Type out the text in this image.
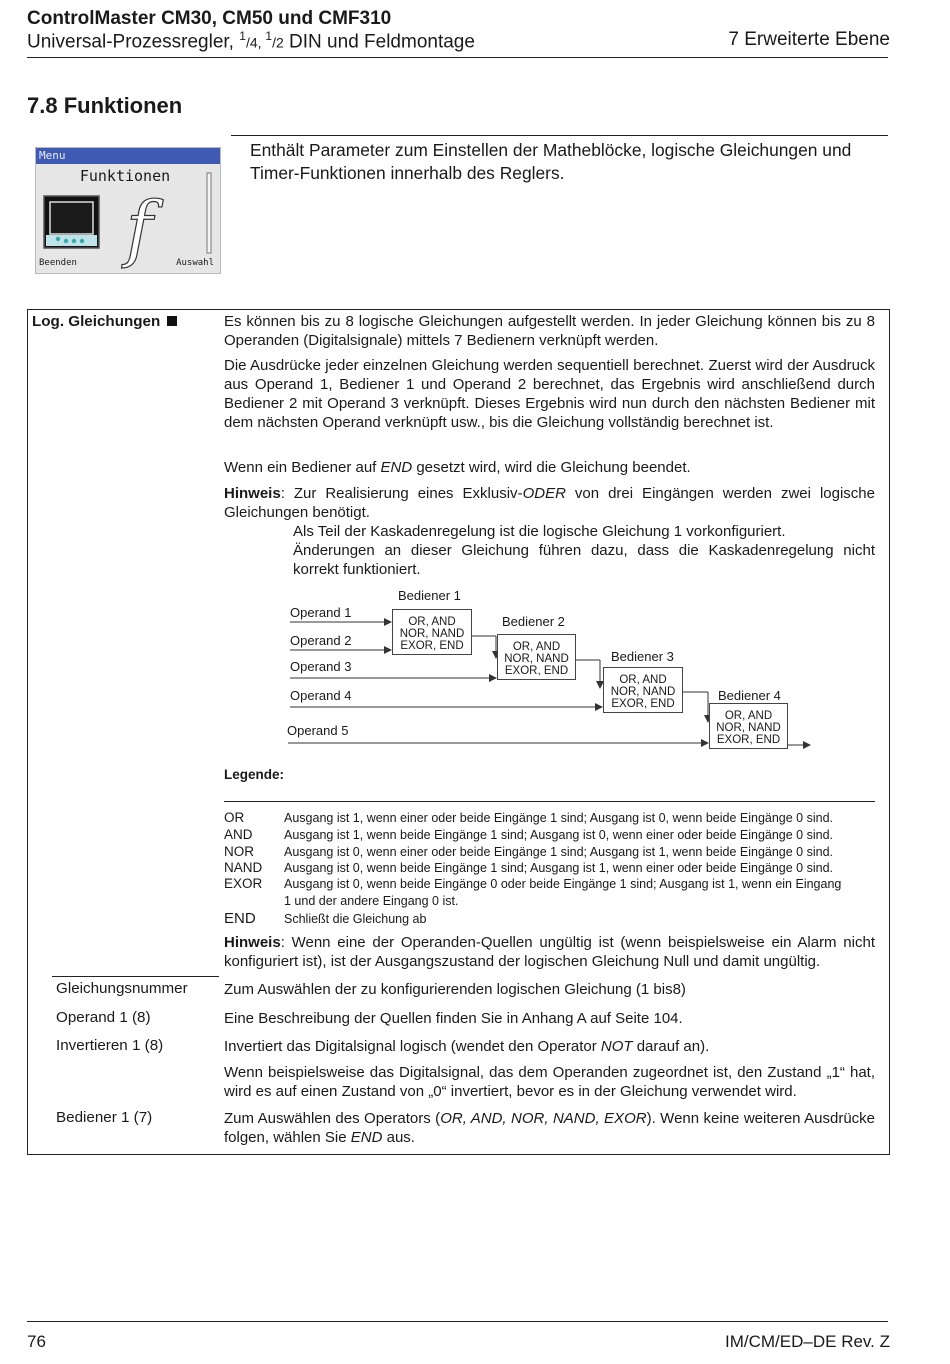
ControlMaster CM30, CM50 und CMF310
Universal-Prozessregler, $^1$/4, $^1$/2 DIN und Feldmontage	7 Erweiterte Ebene
7.8 Funktionen
Menu
Funktionen
f
Beenden	Auswahl
Enthält Parameter zum Einstellen der Matheblöcke, logische Gleichungen und Timer-Funktionen innerhalb des Reglers.
Log. Gleichungen	Es können bis zu 8 logische Gleichungen aufgestellt werden. In jeder Gleichung können bis zu 8 Operanden (Digitalsignale) mittels 7 Bedienern verknüpft werden.
Die Ausdrücke jeder einzelnen Gleichung werden sequentiell berechnet. Zuerst wird der Ausdruck aus Operand 1, Bediener 1 und Operand 2 berechnet, das Ergebnis wird anschließend durch Bediener 2 mit Operand 3 verknüpft. Dieses Ergebnis wird nun durch den nächsten Bediener mit dem nächsten Operand verknüpft usw., bis die Gleichung vollständig berechnet ist.
Wenn ein Bediener auf END gesetzt wird, wird die Gleichung beendet.
Hinweis: Zur Realisierung eines Exklusiv-ODER von drei Eingängen werden zwei logische Gleichungen benötigt.
Als Teil der Kaskadenregelung ist die logische Gleichung 1 vorkonfiguriert.
Änderungen an dieser Gleichung führen dazu, dass die Kaskadenregelung nicht korrekt funktioniert.
Operand 1
Operand 2
Operand 3
Operand 4
Operand 5
Bediener 1
Bediener 2
Bediener 3
Bediener 4
OR, AND
NOR, NAND
EXOR, END	OR, AND
NOR, NAND
EXOR, END
OR, AND
NOR, NAND
EXOR, END
OR, AND
NOR, NAND
EXOR, END
Legende:
OR	Ausgang ist 1, wenn einer oder beide Eingänge 1 sind; Ausgang ist 0, wenn beide Eingänge 0 sind.
AND	Ausgang ist 1, wenn beide Eingänge 1 sind; Ausgang ist 0, wenn einer oder beide Eingänge 0 sind.
NOR Ausgang ist 0, wenn einer oder beide Eingänge 1 sind; Ausgang ist 1, wenn beide Eingänge 0 sind.
NAND Ausgang ist 0, wenn beide Eingänge 1 sind; Ausgang ist 1, wenn einer oder beide Eingänge 0 sind.
EXOR Ausgang ist 0, wenn beide Eingänge 0 oder beide Eingänge 1 sind; Ausgang ist 1, wenn ein Eingang 1 und der andere Eingang 0 ist.
END Schließt die Gleichung ab
Hinweis: Wenn eine der Operanden-Quellen ungültig ist (wenn beispielsweise ein Alarm nicht konfiguriert ist), ist der Ausgangszustand der logischen Gleichung Null und damit ungültig.
Gleichungsnummer Zum Auswählen der zu konfigurierenden logischen Gleichung (1 bis8)
Operand 1 (8)	Eine Beschreibung der Quellen finden Sie in Anhang A auf Seite 104.
Invertieren 1 (8)	Invertiert das Digitalsignal logisch (wendet den Operator NOT darauf an).
Wenn beispielsweise das Digitalsignal, das dem Operanden zugeordnet ist, den Zustand „1“ hat, wird es auf einen Zustand von „0“ invertiert, bevor es in der Gleichung verwendet wird.
Bediener 1 (7)	Zum Auswählen des Operators (OR, AND, NOR, NAND, EXOR). Wenn keine weiteren Ausdrücke folgen, wählen Sie END aus.
76	IM/CM/ED–DE Rev. Z
